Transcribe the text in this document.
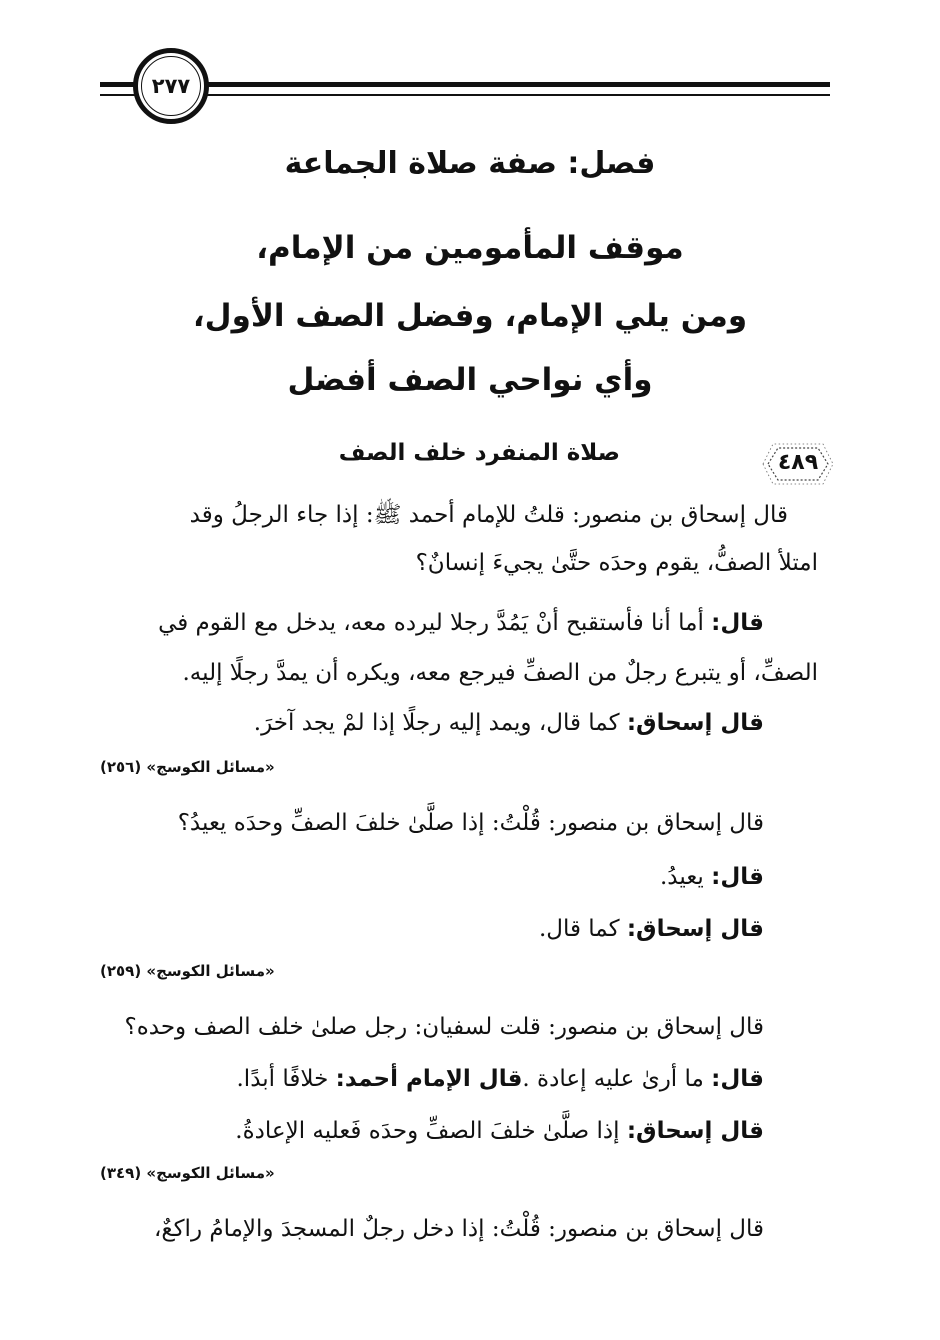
٢٧٧
فصل: صفة صلاة الجماعة
موقف المأمومين من الإمام،
ومن يلي الإمام، وفضل الصف الأول،
وأي نواحي الصف أفضل
٤٨٩
صلاة المنفرد خلف الصف
قال إسحاق بن منصور: قلتُ للإمام أحمد ﷺ: إذا جاء الرجلُ وقد
امتلأ الصفُّ، يقوم وحدَه حتَّىٰ يجيءَ إنسانٌ؟
قال: أما أنا فأستقبح أنْ يَمُدَّ رجلا ليرده معه، يدخل مع القوم في
الصفِّ، أو يتبرع رجلٌ من الصفِّ فيرجع معه، ويكره أن يمدَّ رجلًا إليه.
قال إسحاق: كما قال، ويمد إليه رجلًا إذا لمْ يجد آخرَ.
«مسائل الكوسج» (٢٥٦)
قال إسحاق بن منصور: قُلْتُ: إذا صلَّىٰ خلفَ الصفِّ وحدَه يعيدُ؟
قال: يعيدُ.
قال إسحاق: كما قال.
«مسائل الكوسج» (٢٥٩)
قال إسحاق بن منصور: قلت لسفيان: رجل صلىٰ خلف الصف وحده؟
قال: ما أرىٰ عليه إعادة .قال الإمام أحمد: خلافًا أبدًا.
قال إسحاق: إذا صلَّىٰ خلفَ الصفِّ وحدَه فَعليه الإعادةُ.
«مسائل الكوسج» (٣٤٩)
قال إسحاق بن منصور: قُلْتُ: إذا دخل رجلٌ المسجدَ والإمامُ راكعٌ،
